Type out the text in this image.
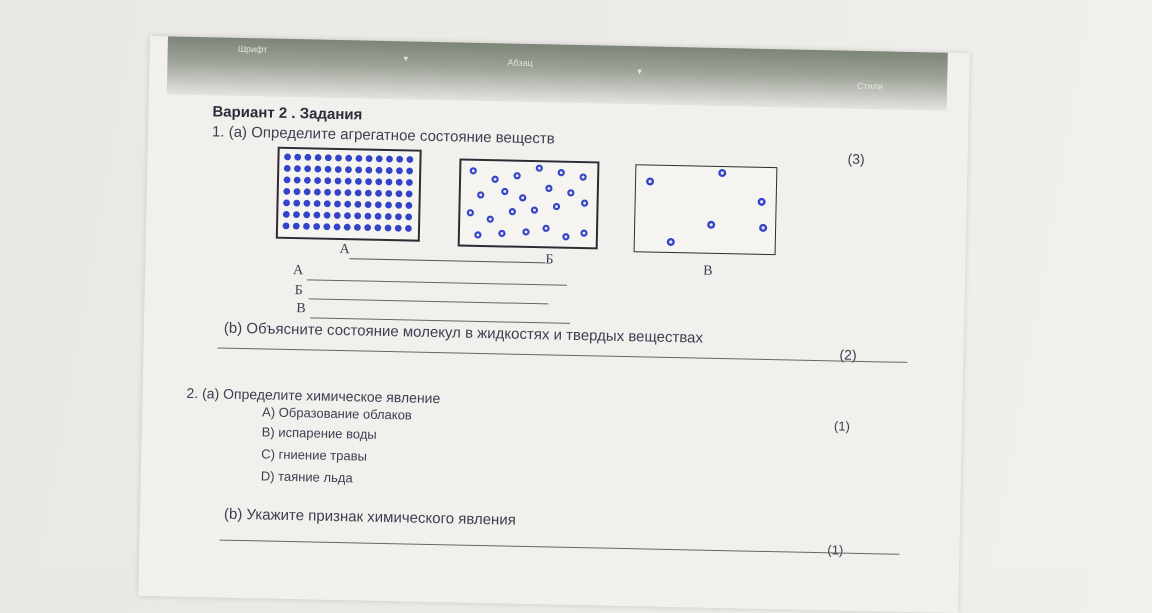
Шрифт
▾	Абзац
▾
Стили
Вариант 2 . Задания
1. (a) Определите агрегатное состояние веществ
(3)
А
Б
В
А
Б
В
(b) Объясните состояние молекул в жидкостях и твердых веществах
(2)
2. (а) Определите химическое явление
(1)
А) Образование облаков
В) испарение воды
С) гниение травы
D) таяние льда
(b) Укажите признак химического явления
(1)
